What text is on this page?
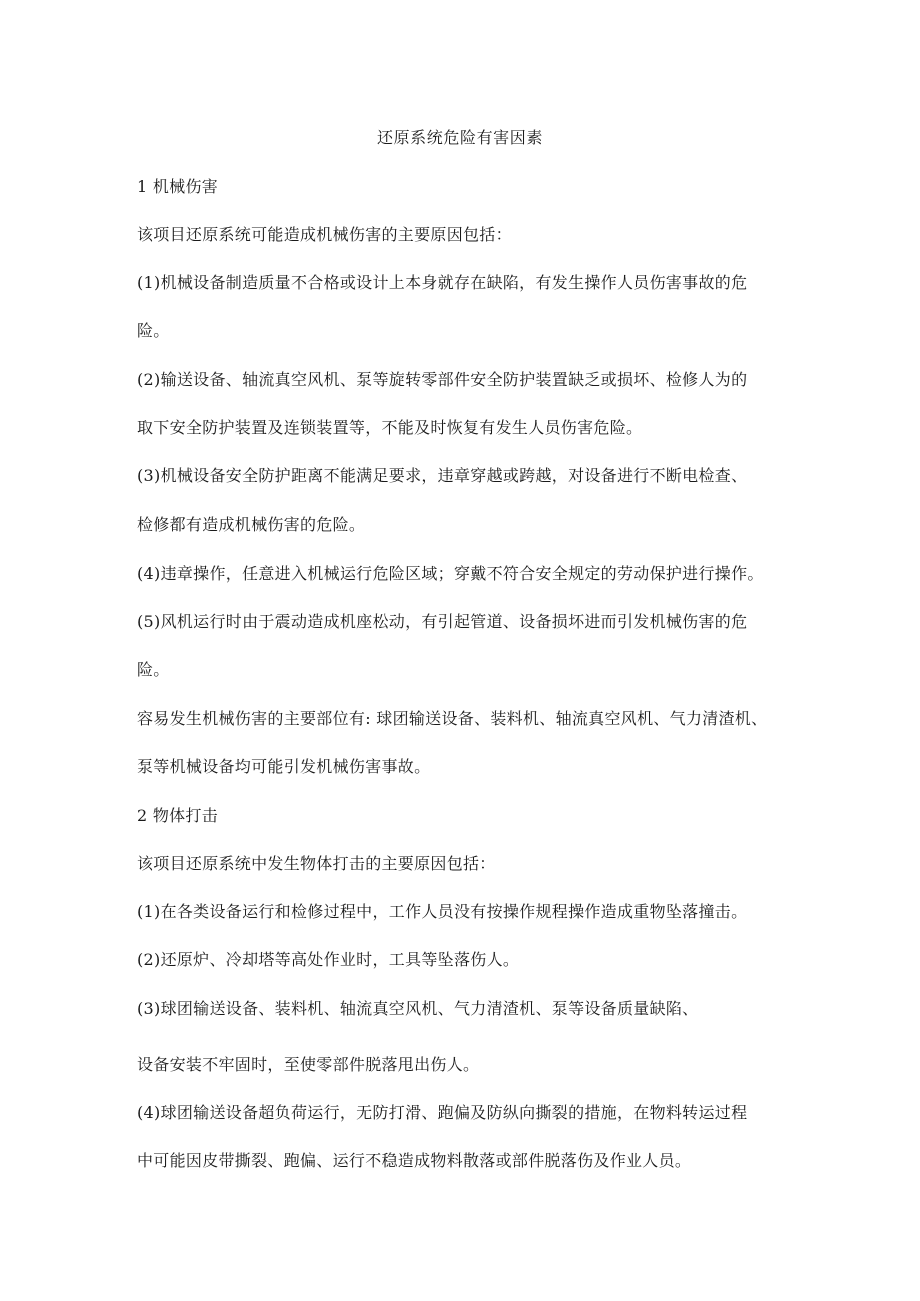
还原系统危险有害因素
1 机械伤害
该项目还原系统可能造成机械伤害的主要原因包括：
(1)机械设备制造质量不合格或设计上本身就存在缺陷，有发生操作人员伤害事故的危
险。
(2)输送设备、轴流真空风机、泵等旋转零部件安全防护装置缺乏或损坏、检修人为的
取下安全防护装置及连锁装置等，不能及时恢复有发生人员伤害危险。
(3)机械设备安全防护距离不能满足要求，违章穿越或跨越，对设备进行不断电检查、
检修都有造成机械伤害的危险。
(4)违章操作，任意进入机械运行危险区域；穿戴不符合安全规定的劳动保护进行操作。
(5)风机运行时由于震动造成机座松动，有引起管道、设备损坏进而引发机械伤害的危
险。
容易发生机械伤害的主要部位有: 球团输送设备、装料机、轴流真空风机、气力清渣机、
泵等机械设备均可能引发机械伤害事故。
2 物体打击
该项目还原系统中发生物体打击的主要原因包括：
(1)在各类设备运行和检修过程中，工作人员没有按操作规程操作造成重物坠落撞击。
(2)还原炉、冷却塔等高处作业时，工具等坠落伤人。
(3)球团输送设备、装料机、轴流真空风机、气力清渣机、泵等设备质量缺陷、
设备安装不牢固时，至使零部件脱落甩出伤人。
(4)球团输送设备超负荷运行，无防打滑、跑偏及防纵向撕裂的措施，在物料转运过程
中可能因皮带撕裂、跑偏、运行不稳造成物料散落或部件脱落伤及作业人员。
